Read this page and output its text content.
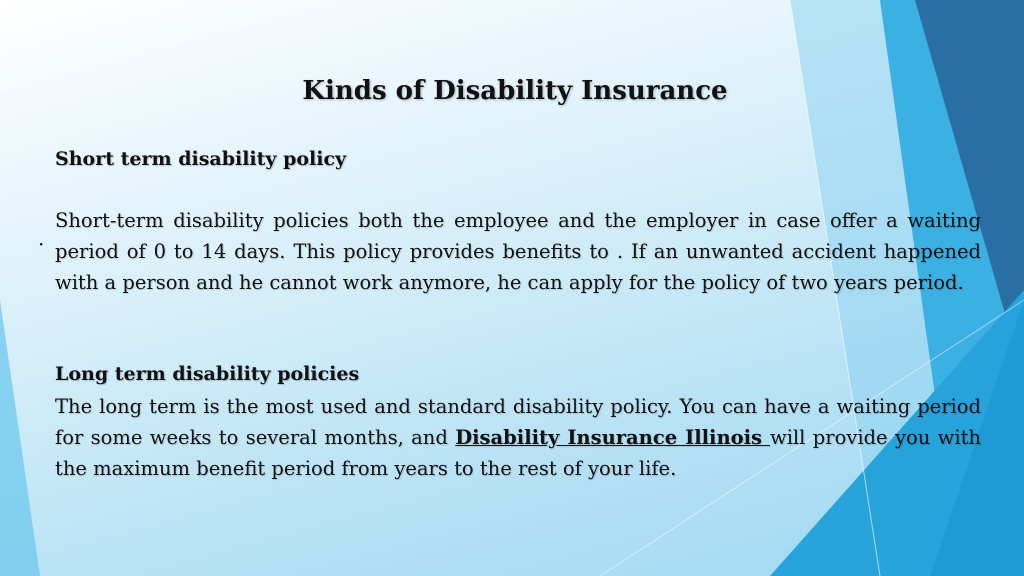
Kinds of Disability Insurance
Short term disability policy
·

Short-term disability policies both the employee and the employer in case offer a waiting period of 0 to 14 days. This policy provides benefits to . If an unwanted accident happened with a person and he cannot work anymore, he can apply for the policy of two years period.

Long term disability policies

The long term is the most used and standard disability policy. You can have a waiting period for some weeks to several months, and Disability Insurance Illinois will provide you with the maximum benefit period from years to the rest of your life.
